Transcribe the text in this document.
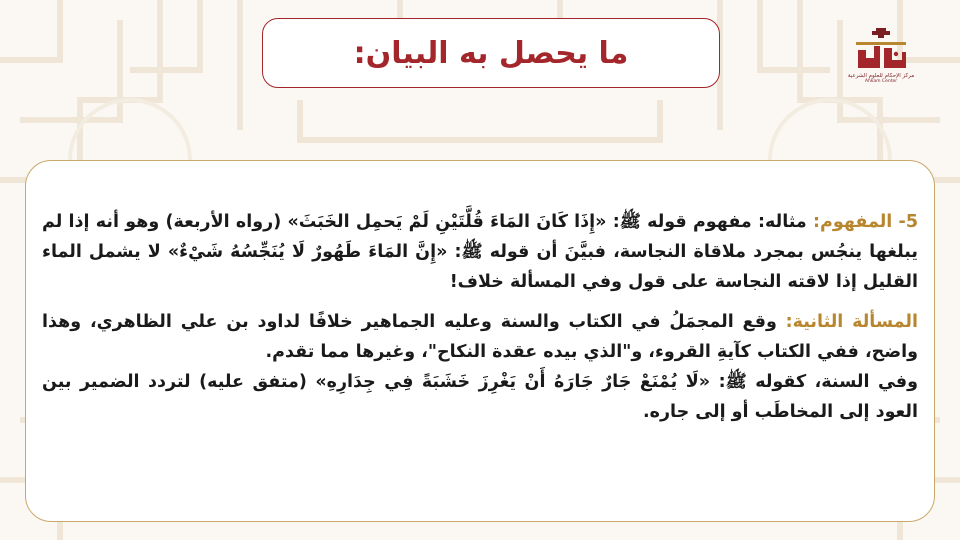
ما يحصل به البيان:
مركز الإحكام للعلوم الشرعية
Ahkam Center

5- المفهوم: مثاله: مفهوم قوله ﷺ: «إِذَا كَانَ المَاءَ قُلَّتَيْنِ لَمْ يَحمِل الخَبَثَ» (رواه الأربعة) وهو أنه إذا لم يبلغها ينجُس بمجرد ملاقاة النجاسة، فبيَّنَ أن قوله ﷺ: «إِنَّ المَاءَ طَهُورٌ لَا يُنَجِّسُهُ شَيْءٌ» لا يشمل الماء القليل إذا لاقته النجاسة على قول وفي المسألة خلاف!

المسألة الثانية: وقع المجمَلُ في الكتاب والسنة وعليه الجماهير خلافًا لداود بن علي الظاهري، وهذا واضح، ففي الكتاب كآيةِ القروء، و"الذي بيده عقدة النكاح"، وغيرها مما تقدم.

وفي السنة، كقوله ﷺ: «لَا يُمْنَعْ جَارٌ جَارَهُ أَنْ يَغْرِزَ خَشَبَةً فِي جِدَارِهِ» (متفق عليه) لتردد الضمير بين العود إلى المخاطَب أو إلى جاره.
